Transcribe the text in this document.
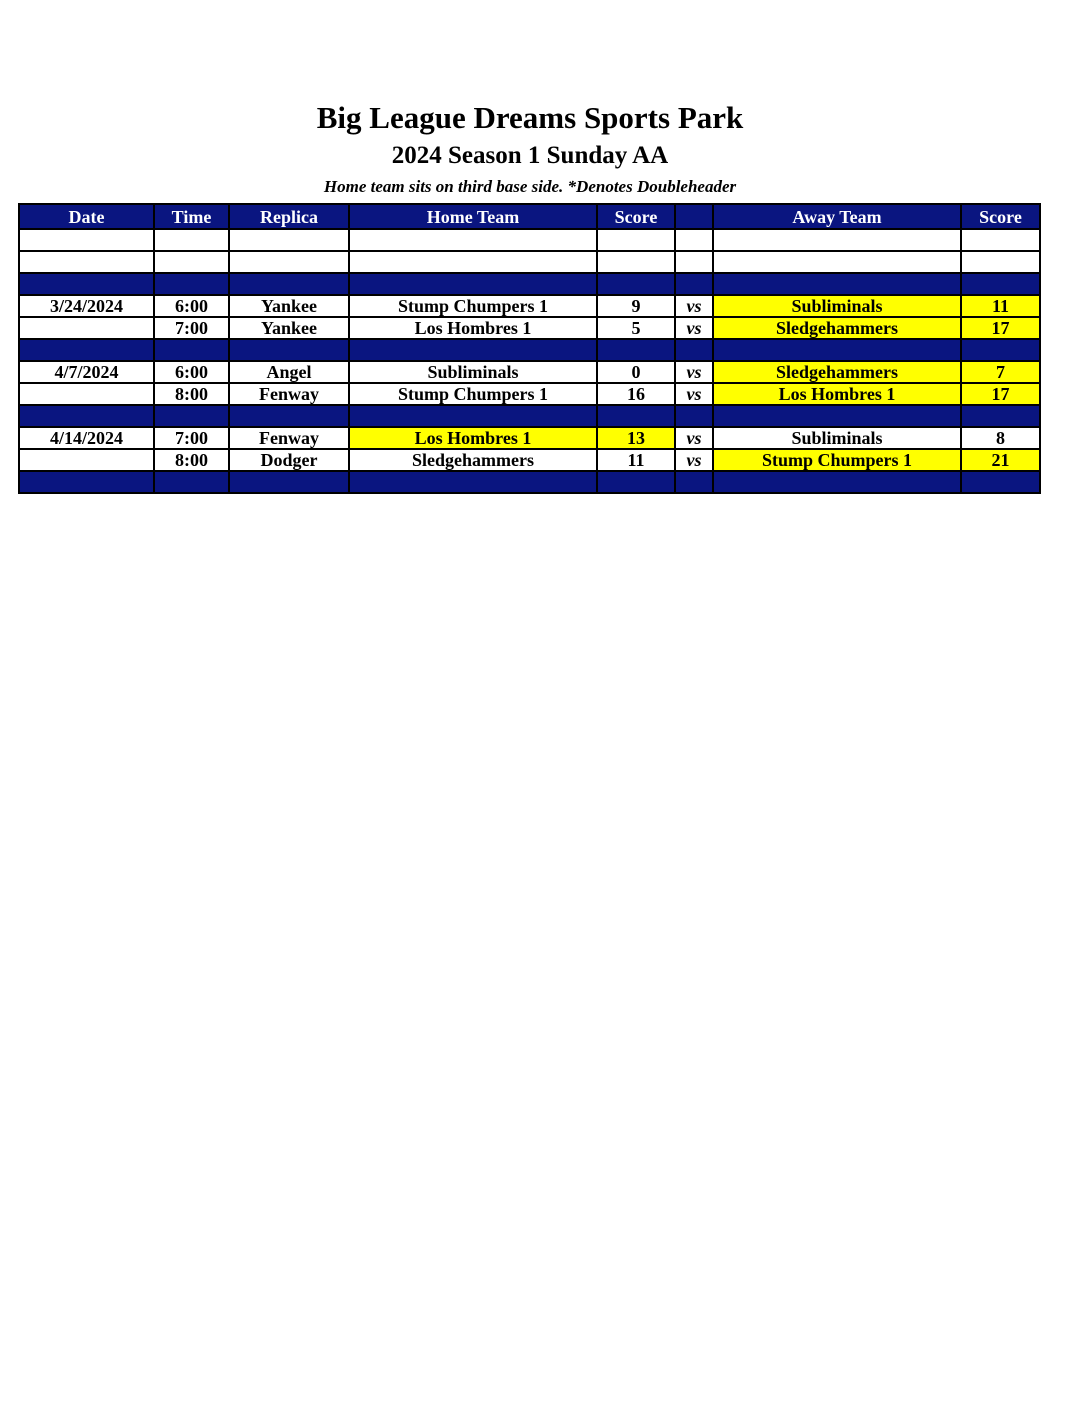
Big League Dreams Sports Park
2024 Season 1 Sunday AA
Home team sits on third base side. *Denotes Doubleheader
Date	Time	Replica	Home Team	Score		Away Team	Score

3/24/2024	6:00	Yankee	Stump Chumpers 1	9	vs	Subliminals	11
	7:00	Yankee	Los Hombres 1	5	vs	Sledgehammers	17

4/7/2024	6:00	Angel	Subliminals	0	vs	Sledgehammers	7
	8:00	Fenway	Stump Chumpers 1	16	vs	Los Hombres 1	17

4/14/2024	7:00	Fenway	Los Hombres 1	13	vs	Subliminals	8
	8:00	Dodger	Sledgehammers	11	vs	Stump Chumpers 1	21
